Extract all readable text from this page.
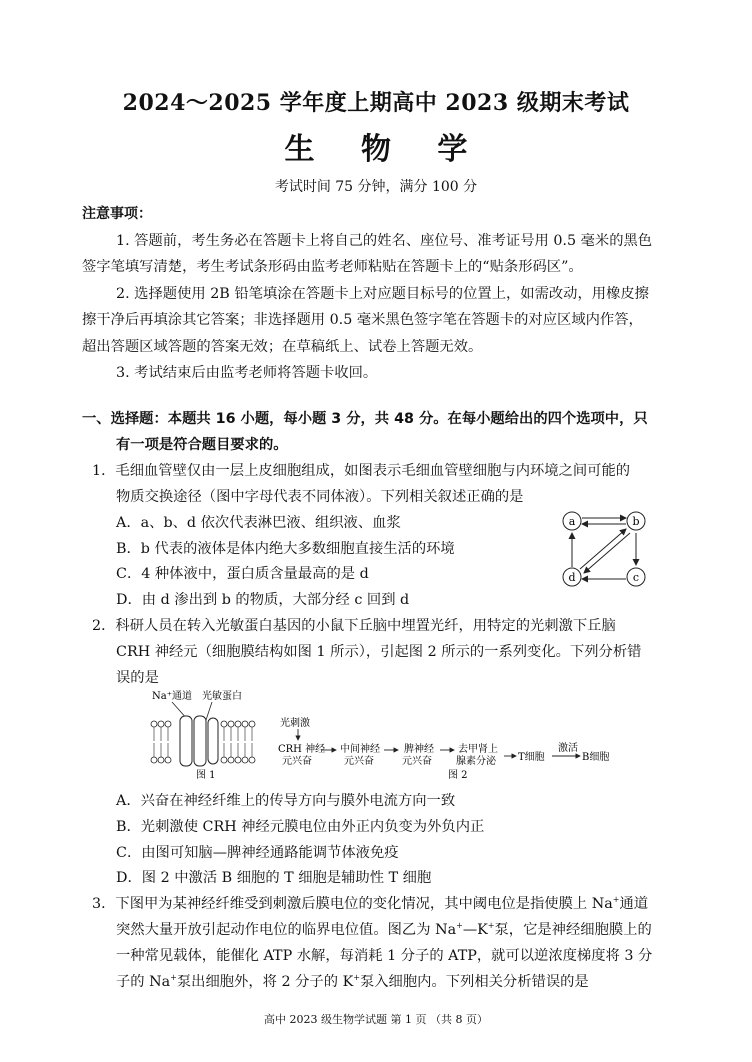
2024～2025 学年度上期高中 2023 级期末考试
生 物 学
考试时间 75 分钟，满分 100 分
注意事项：
1. 答题前，考生务必在答题卡上将自己的姓名、座位号、准考证号用 0.5 毫米的黑色
签字笔填写清楚，考生考试条形码由监考老师粘贴在答题卡上的“贴条形码区”。
2. 选择题使用 2B 铅笔填涂在答题卡上对应题目标号的位置上，如需改动，用橡皮擦
擦干净后再填涂其它答案；非选择题用 0.5 毫米黑色签字笔在答题卡的对应区域内作答，
超出答题区域答题的答案无效；在草稿纸上、试卷上答题无效。
3. 考试结束后由监考老师将答题卡收回。
一、选择题：本题共 16 小题，每小题 3 分，共 48 分。在每小题给出的四个选项中，只
有一项是符合题目要求的。
1．毛细血管壁仅由一层上皮细胞组成，如图表示毛细血管壁细胞与内环境之间可能的
物质交换途径（图中字母代表不同体液）。下列相关叙述正确的是
A．a、b、d 依次代表淋巴液、组织液、血浆
B．b 代表的液体是体内绝大多数细胞直接生活的环境
C．4 种体液中，蛋白质含量最高的是 d
D．由 d 渗出到 b 的物质，大部分经 c 回到 d
a	b
c
d
2．科研人员在转入光敏蛋白基因的小鼠下丘脑中埋置光纤，用特定的光刺激下丘脑
CRH 神经元（细胞膜结构如图 1 所示），引起图 2 所示的一系列变化。下列分析错
误的是
Na⁺通道 光敏蛋白
图 1
光刺激
CRH 神经
元兴奋
中间神经
元兴奋
脾神经
元兴奋
去甲肾上
腺素分泌 T细胞
激活
B细胞
图 2
A．兴奋在神经纤维上的传导方向与膜外电流方向一致
B．光刺激使 CRH 神经元膜电位由外正内负变为外负内正
C．由图可知脑—脾神经通路能调节体液免疫
D．图 2 中激活 B 细胞的 T 细胞是辅助性 T 细胞
3．下图甲为某神经纤维受到刺激后膜电位的变化情况，其中阈电位是指使膜上 Na+通道
突然大量开放引起动作电位的临界电位值。图乙为 Na+—K+泵，它是神经细胞膜上的
一种常见载体，能催化 ATP 水解，每消耗 1 分子的 ATP，就可以逆浓度梯度将 3 分
子的 Na+泵出细胞外，将 2 分子的 K+泵入细胞内。下列相关分析错误的是
高中 2023 级生物学试题 第 1 页 （共 8 页）
